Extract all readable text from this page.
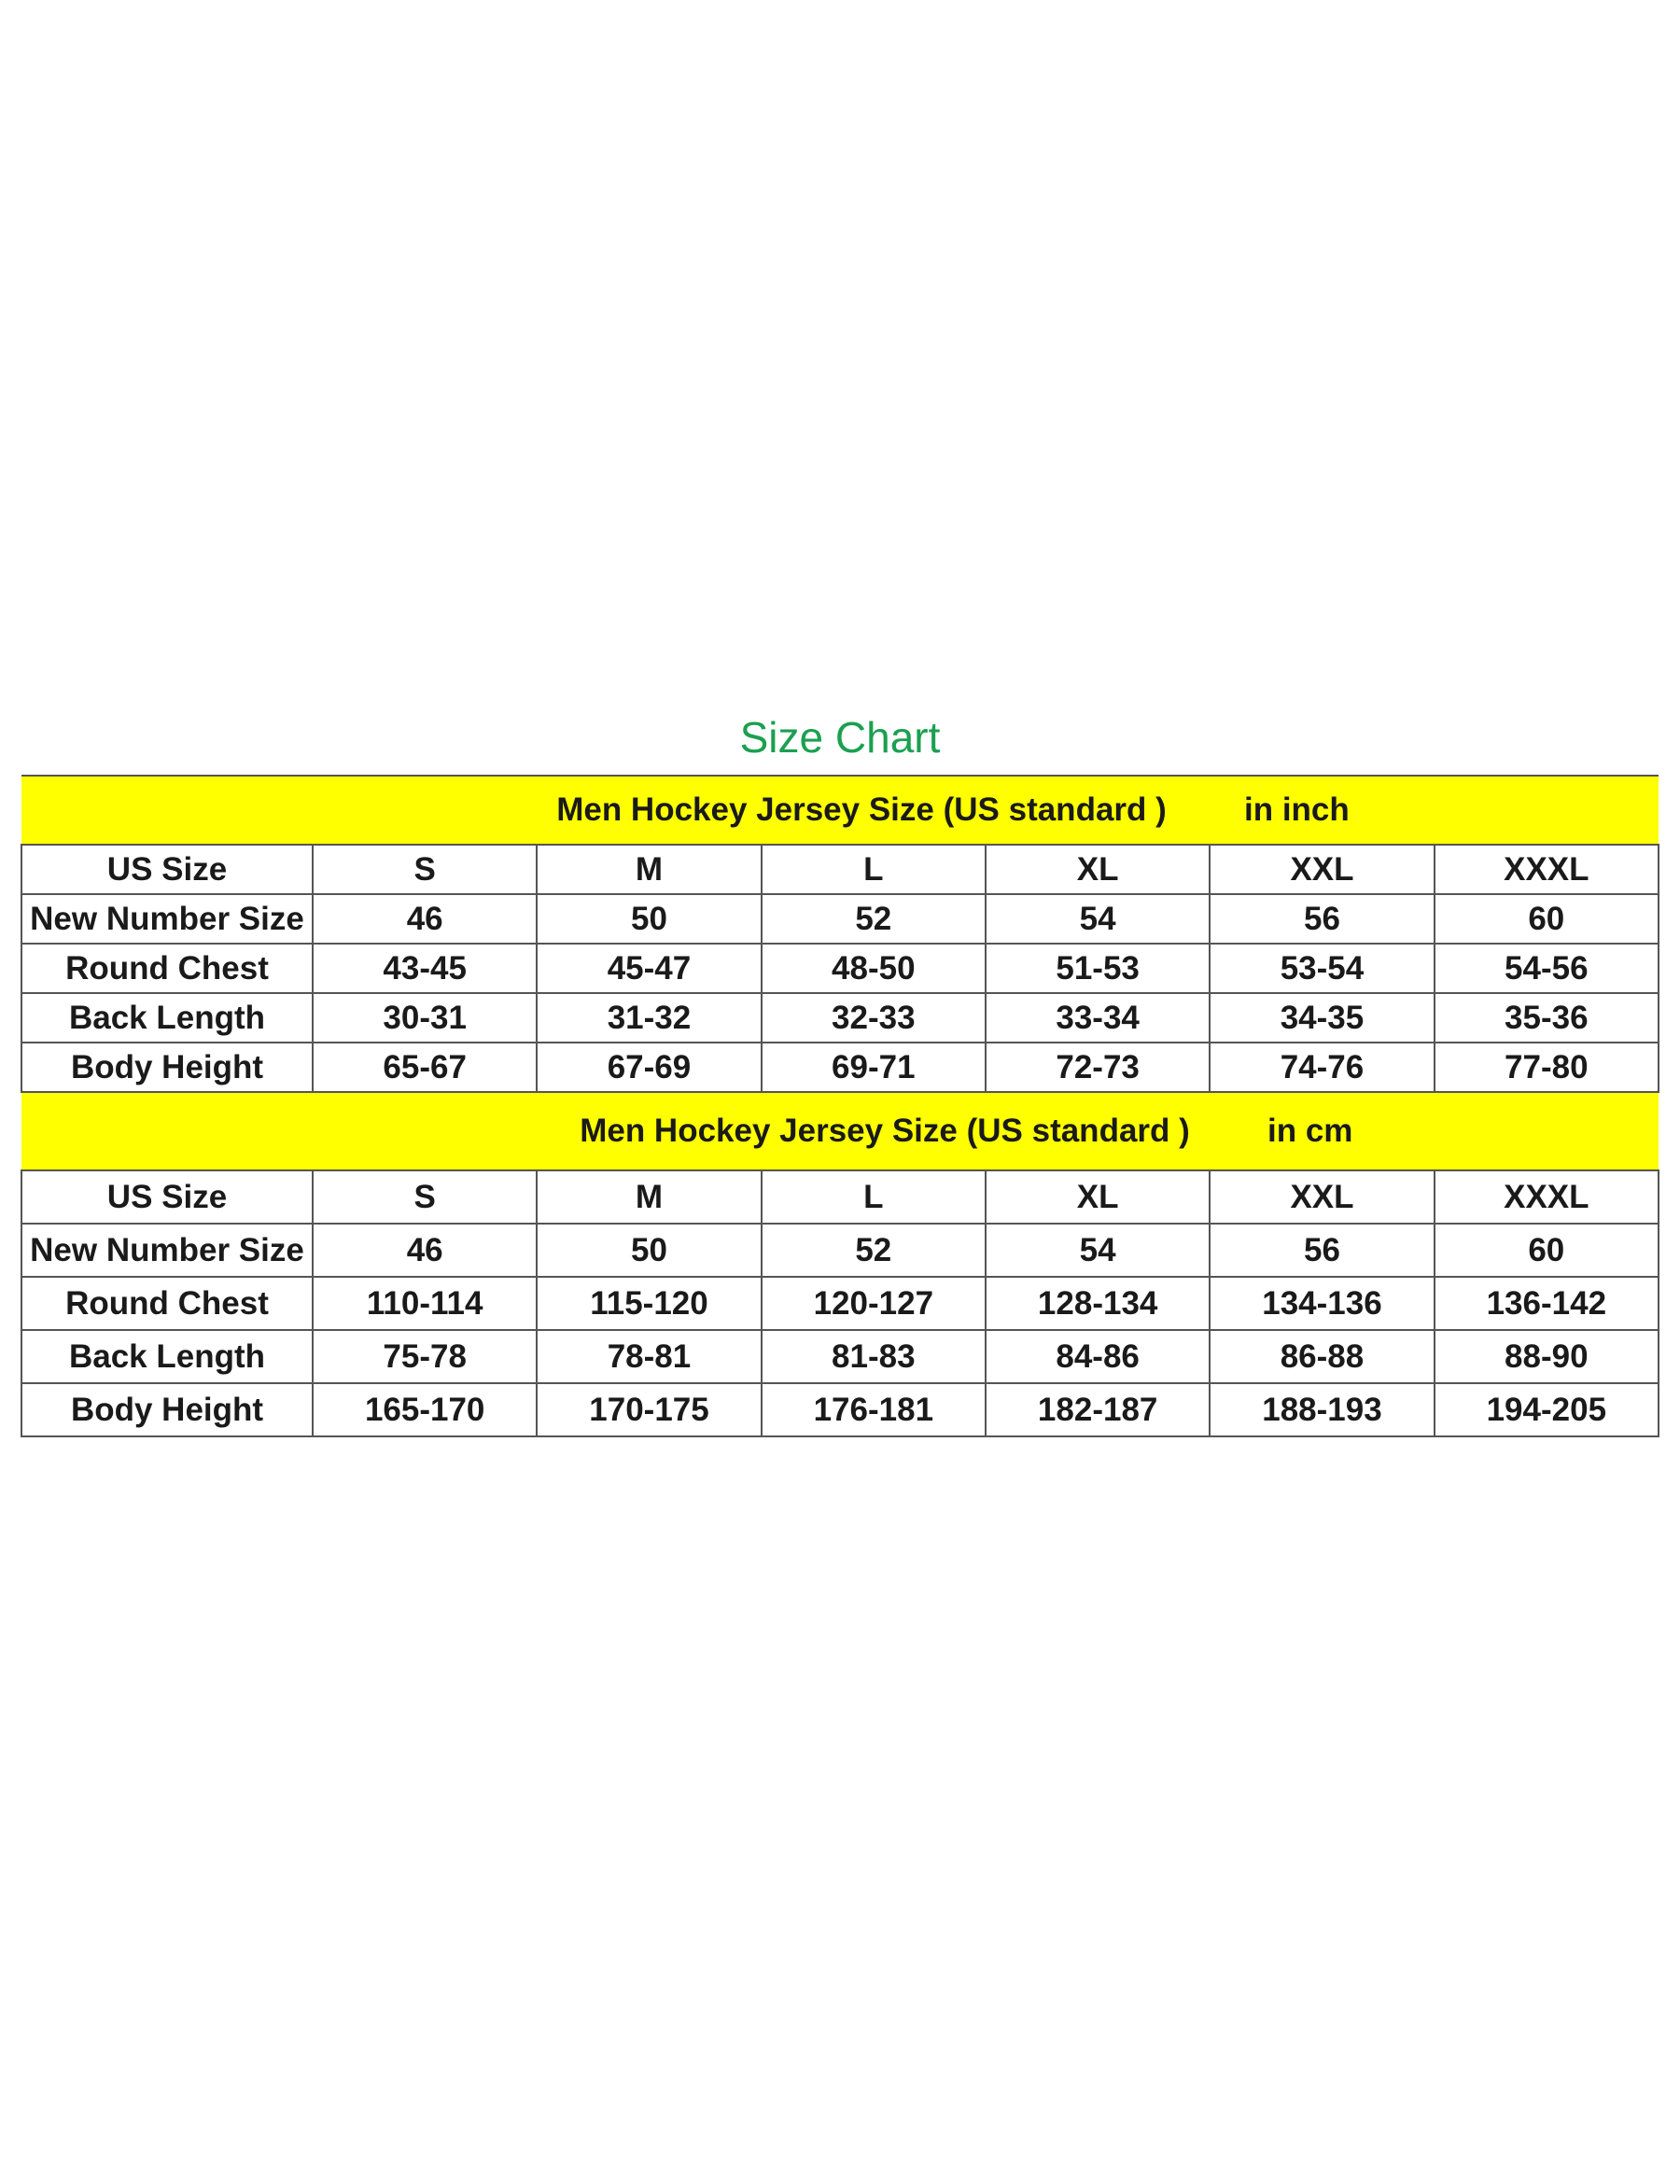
Size Chart
Men Hockey Jersey Size (US standard ) in inch						

US Size	S	M	L	XL	XXL	XXXL
New Number Size	46	50	52	54	56	60
Round Chest	43-45	45-47	48-50	51-53	53-54	54-56
Back Length	30-31	31-32	32-33	33-34	34-35	35-36
Body Height	65-67	67-69	69-71	72-73	74-76	77-80

Men Hockey Jersey Size (US standard ) in cm						

US Size	S	M	L	XL	XXL	XXXL
New Number Size	46	50	52	54	56	60
Round Chest	110-114	115-120	120-127	128-134	134-136	136-142
Back Length	75-78	78-81	81-83	84-86	86-88	88-90
Body Height	165-170	170-175	176-181	182-187	188-193	194-205
